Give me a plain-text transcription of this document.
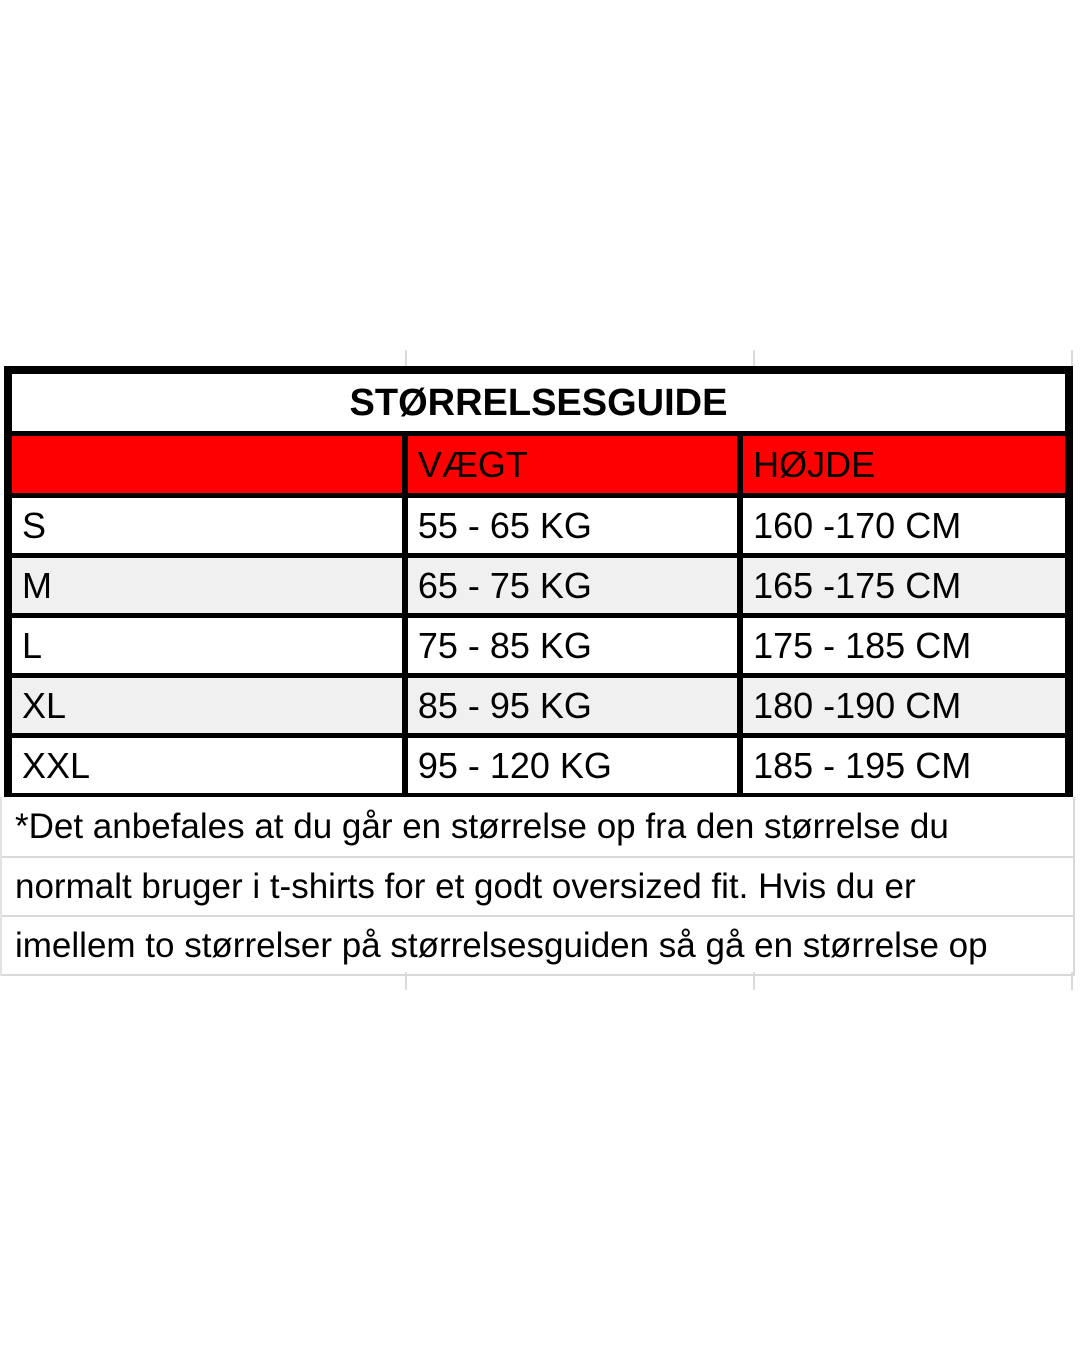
STØRRELSESGUIDE		
	VÆGT	HØJDE
S	55 - 65 KG	160 -170 CM
M	65 - 75 KG	165 -175 CM
L	75 - 85 KG	175 - 185 CM
XL	85 - 95 KG	180 -190 CM
XXL	95 - 120 KG	185 - 195 CM
*Det anbefales at du går en størrelse op fra den størrelse du
normalt bruger i t-shirts for et godt oversized fit. Hvis du er
imellem to størrelser på størrelsesguiden så gå en størrelse op
